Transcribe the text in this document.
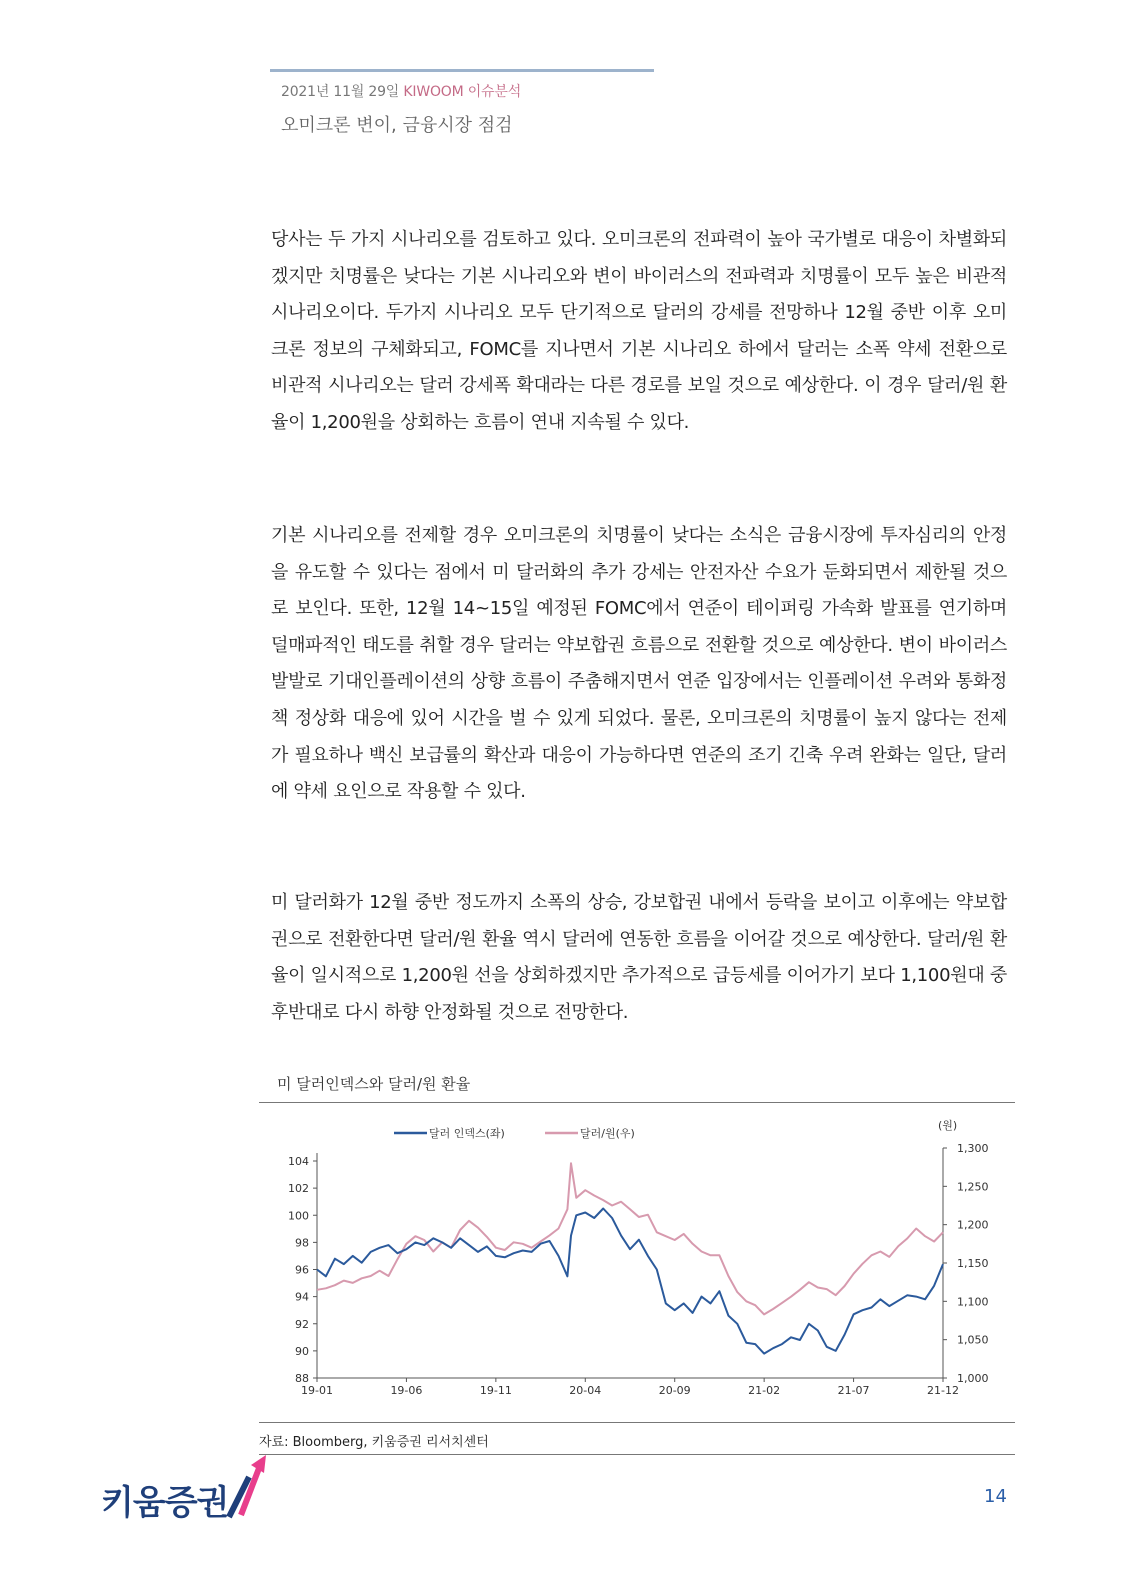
2021년 11월 29일 KIWOOM 이슈분석
오미크론 변이, 금융시장 점검
당사는 두 가지 시나리오를 검토하고 있다. 오미크론의 전파력이 높아 국가별로 대응이 차별화되겠지만 치명률은 낮다는 기본 시나리오와 변이 바이러스의 전파력과 치명률이 모두 높은 비관적 시나리오이다. 두가지 시나리오 모두 단기적으로 달러의 강세를 전망하나 12월 중반 이후 오미크론 정보의 구체화되고, FOMC를 지나면서 기본 시나리오 하에서 달러는 소폭 약세 전환으로 비관적 시나리오는 달러 강세폭 확대라는 다른 경로를 보일 것으로 예상한다. 이 경우 달러/원 환율이 1,200원을 상회하는 흐름이 연내 지속될 수 있다.
기본 시나리오를 전제할 경우 오미크론의 치명률이 낮다는 소식은 금융시장에 투자심리의 안정을 유도할 수 있다는 점에서 미 달러화의 추가 강세는 안전자산 수요가 둔화되면서 제한될 것으로 보인다. 또한, 12월 14~15일 예정된 FOMC에서 연준이 테이퍼링 가속화 발표를 연기하며 덜매파적인 태도를 취할 경우 달러는 약보합권 흐름으로 전환할 것으로 예상한다. 변이 바이러스 발발로 기대인플레이션의 상향 흐름이 주춤해지면서 연준 입장에서는 인플레이션 우려와 통화정책 정상화 대응에 있어 시간을 벌 수 있게 되었다. 물론, 오미크론의 치명률이 높지 않다는 전제가 필요하나 백신 보급률의 확산과 대응이 가능하다면 연준의 조기 긴축 우려 완화는 일단, 달러에 약세 요인으로 작용할 수 있다.
미 달러화가 12월 중반 정도까지 소폭의 상승, 강보합권 내에서 등락을 보이고 이후에는 약보합권으로 전환한다면 달러/원 환율 역시 달러에 연동한 흐름을 이어갈 것으로 예상한다. 달러/원 환율이 일시적으로 1,200원 선을 상회하겠지만 추가적으로 급등세를 이어가기 보다 1,100원대 중후반대로 다시 하향 안정화될 것으로 전망한다.
미 달러인덱스와 달러/원 환율
달러 인덱스(좌)	달러/원(우)
(원)
88
90
92
94
96
98
100
102
104
1,000
1,050
1,100
1,150
1,200
1,250
1,300
19-01	19-06	19-11	20-04	20-09	21-02	21-07	21-12
자료: Bloomberg, 키움증권 리서치센터
키움증권	14
